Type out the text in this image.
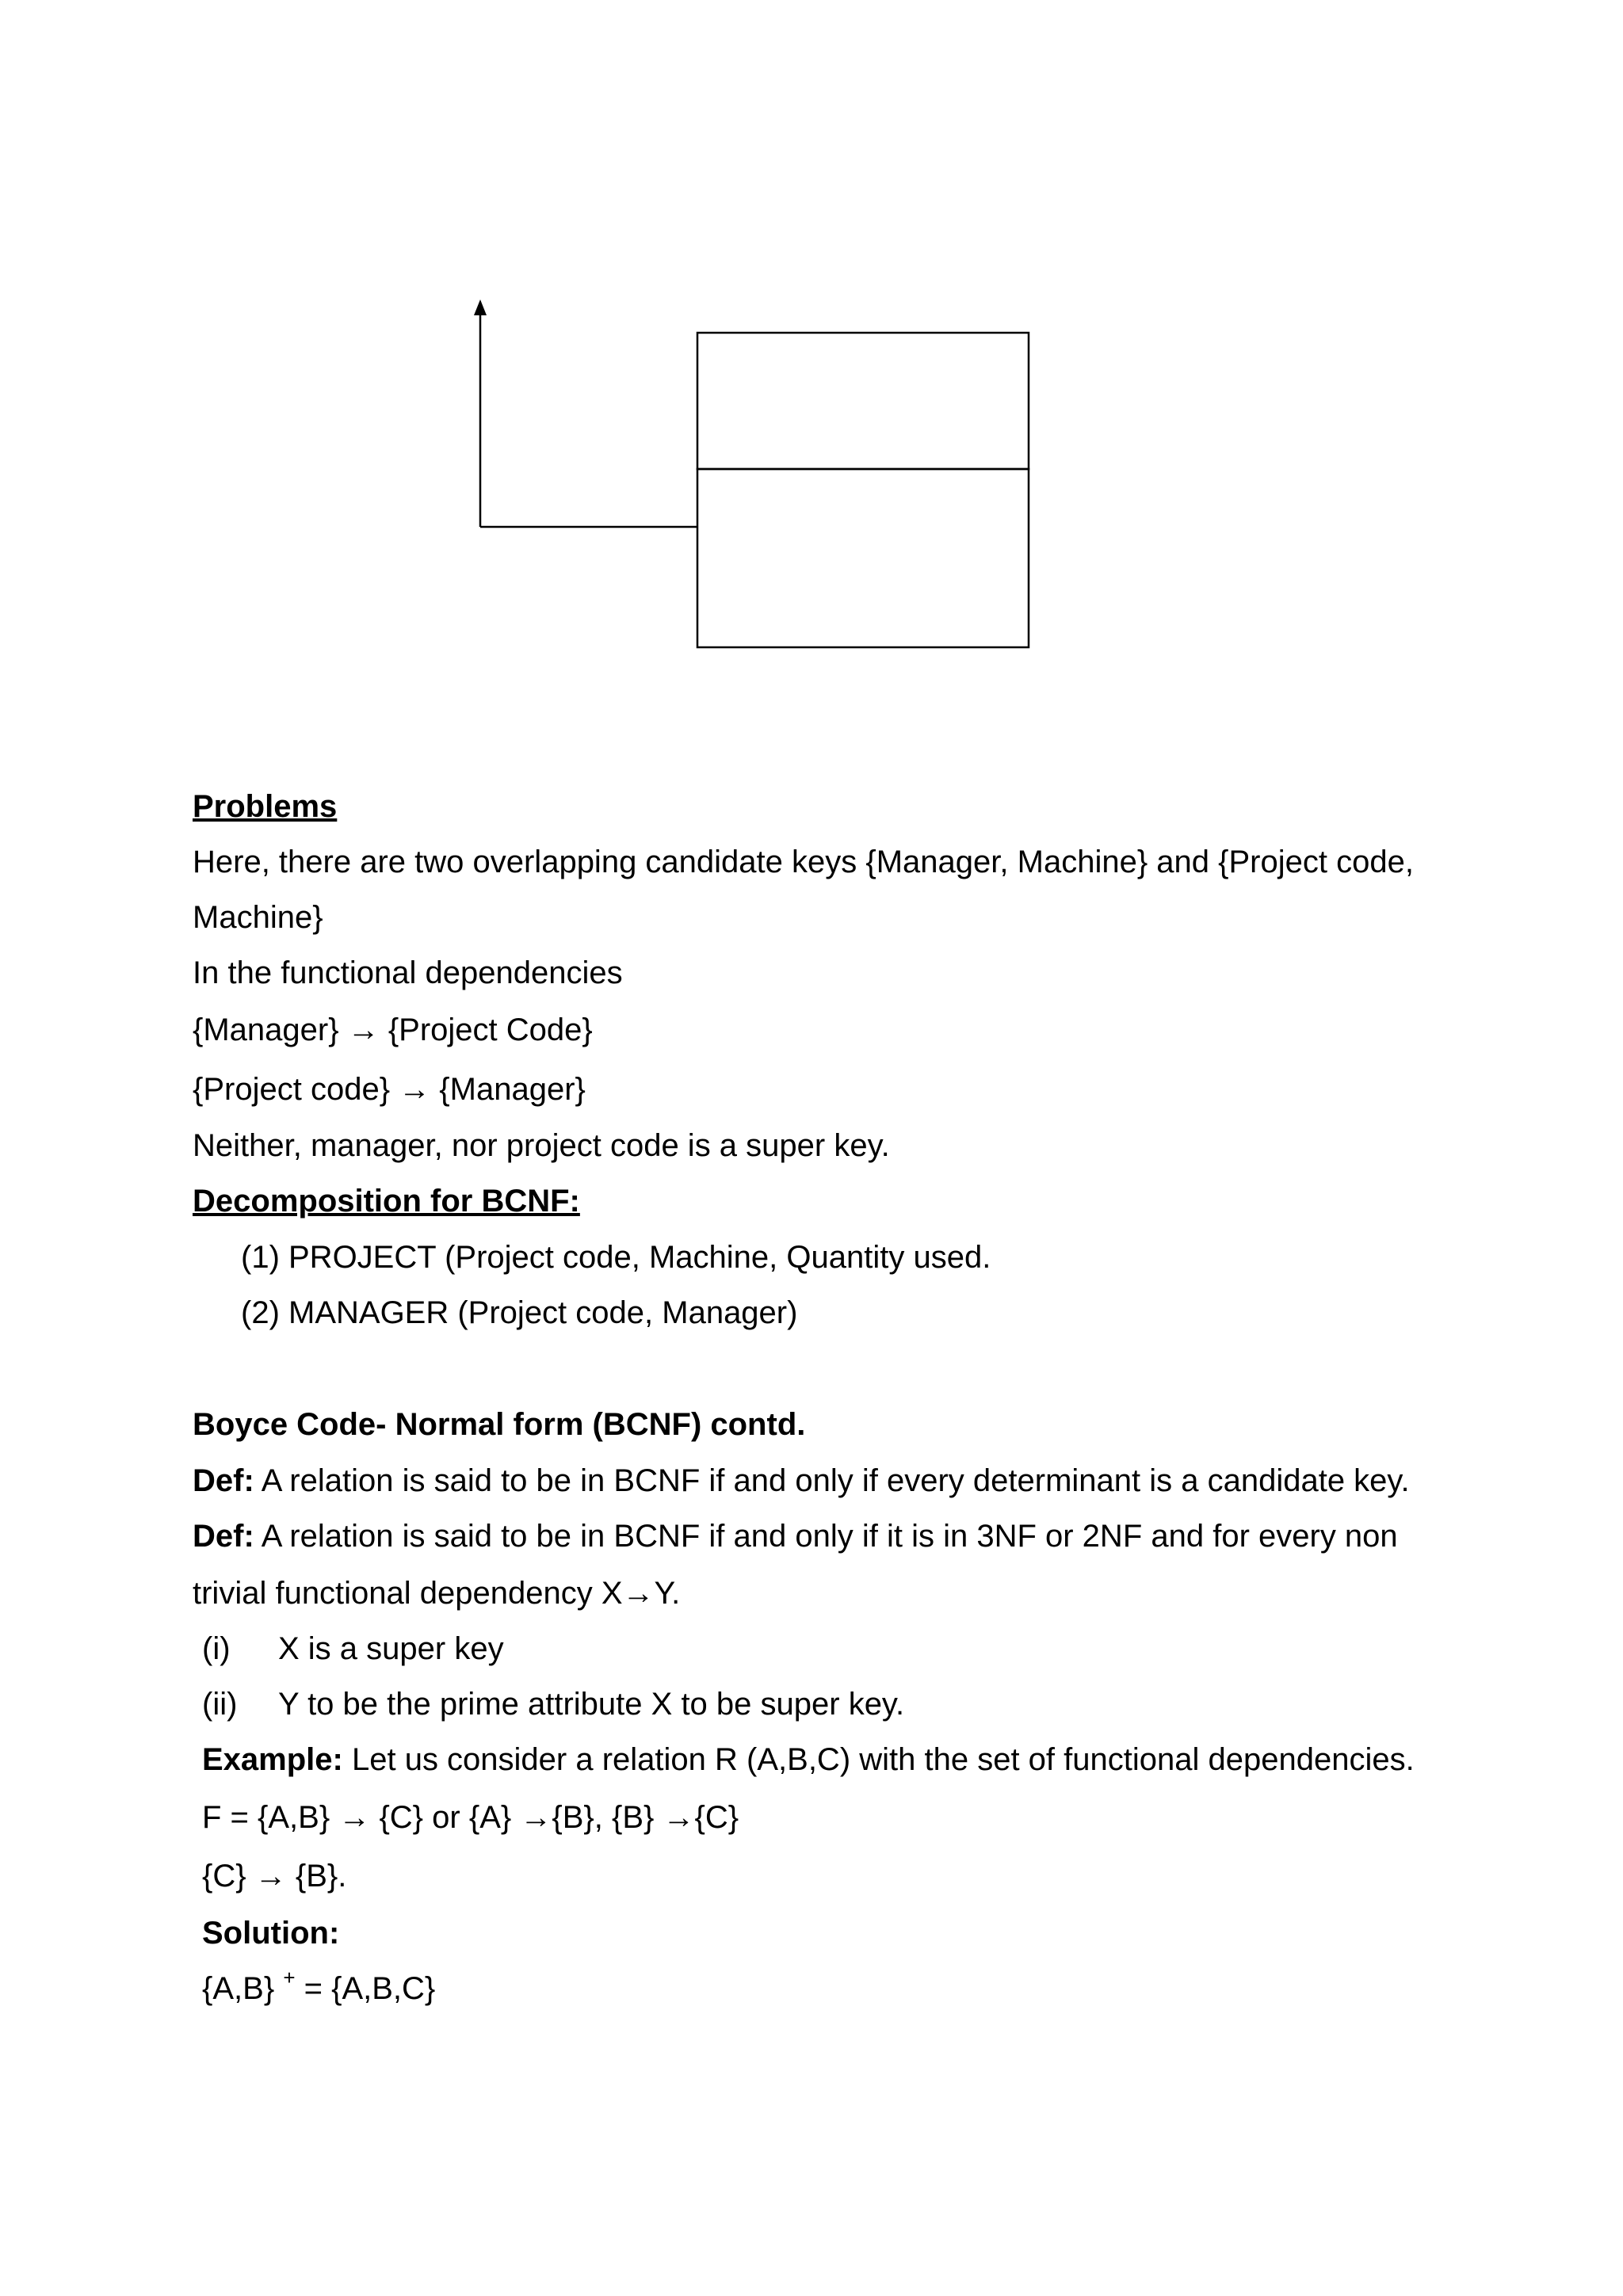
Problems
Here, there are two overlapping candidate keys {Manager, Machine} and {Project code,
Machine}
In the functional dependencies
{Manager} → {Project Code}
{Project code} → {Manager}
Neither, manager, nor project code is a super key.
Decomposition for BCNF:
(1) PROJECT (Project code, Machine, Quantity used.
(2) MANAGER (Project code, Manager)
Boyce Code- Normal form (BCNF) contd.
Def: A relation is said to be in BCNF if and only if every determinant is a candidate key.
Def: A relation is said to be in BCNF if and only if it is in 3NF or 2NF and for every non
trivial functional dependency X→Y.
(i) X is a super key
(ii) Y to be the prime attribute X to be super key.
Example: Let us consider a relation R (A,B,C) with the set of functional dependencies.
F = {A,B} → {C} or {A} →{B}, {B} →{C}
{C} → {B}.
Solution:
{A,B} + = {A,B,C}
